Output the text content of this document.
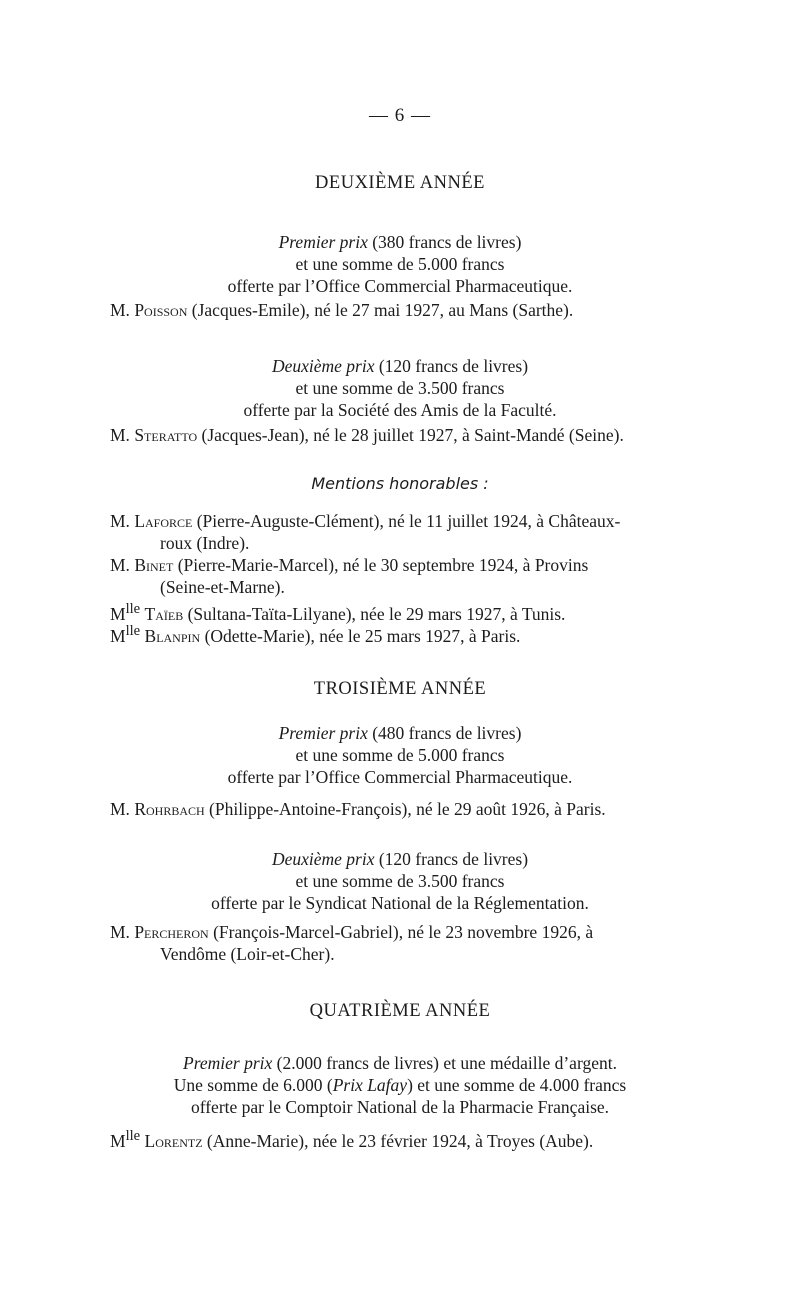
— 6 —
DEUXIÈME ANNÉE
Premier prix (380 francs de livres)
et une somme de 5.000 francs
offerte par l’Office Commercial Pharmaceutique.
M. Poisson (Jacques-Emile), né le 27 mai 1927, au Mans (Sarthe).
Deuxième prix (120 francs de livres)
et une somme de 3.500 francs
offerte par la Société des Amis de la Faculté.
M. Steratto (Jacques-Jean), né le 28 juillet 1927, à Saint-Mandé (Seine).
Mentions honorables :
M. Laforce (Pierre-Auguste-Clément), né le 11 juillet 1924, à Châteaux-
roux (Indre).
M. Binet (Pierre-Marie-Marcel), né le 30 septembre 1924, à Provins
(Seine-et-Marne).
$M^{lle}$ Taïeb (Sultana-Taïta-Lilyane), née le 29 mars 1927, à Tunis.
$M^{lle}$ Blanpin (Odette-Marie), née le 25 mars 1927, à Paris.
TROISIÈME ANNÉE
Premier prix (480 francs de livres)
et une somme de 5.000 francs
offerte par l’Office Commercial Pharmaceutique.
M. Rohrbach (Philippe-Antoine-François), né le 29 août 1926, à Paris.
Deuxième prix (120 francs de livres)
et une somme de 3.500 francs
offerte par le Syndicat National de la Réglementation.
M. Percheron (François-Marcel-Gabriel), né le 23 novembre 1926, à
Vendôme (Loir-et-Cher).
QUATRIÈME ANNÉE
Premier prix (2.000 francs de livres) et une médaille d’argent.
Une somme de 6.000 (Prix Lafay) et une somme de 4.000 francs
offerte par le Comptoir National de la Pharmacie Française.
$M^{lle}$ Lorentz (Anne-Marie), née le 23 février 1924, à Troyes (Aube).
